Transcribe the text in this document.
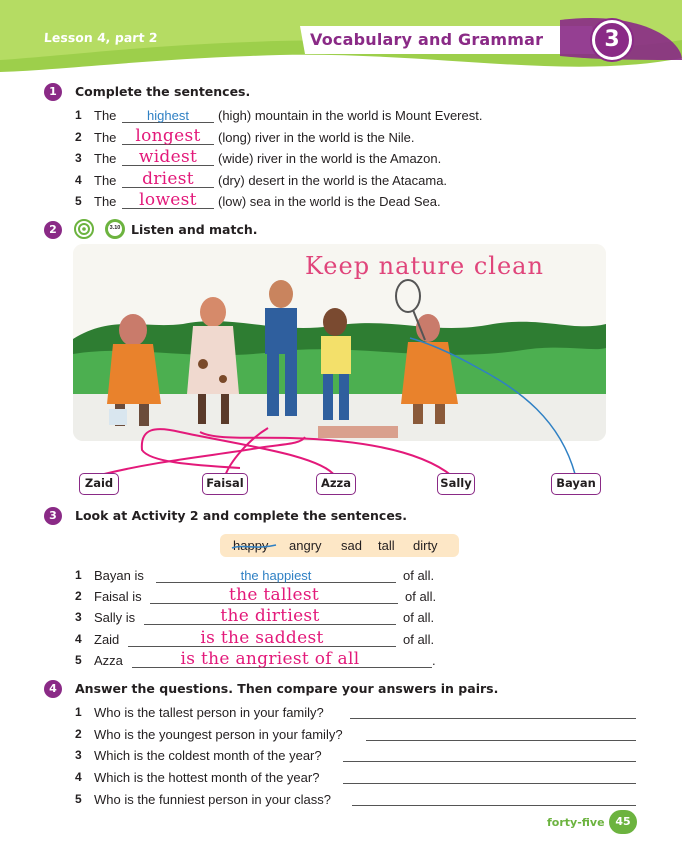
Lesson 4, part 2	Vocabulary and Grammar	3
1	Complete the sentences.
1 The	highest	(high) mountain in the world is Mount Everest.
2 The	longest	(long) river in the world is the Nile.
3 The	widest	(wide) river in the world is the Amazon.
4 The	driest	(dry) desert in the world is the Atacama.
5 The	lowest	(low) sea in the world is the Dead Sea.
2	3.10 Listen and match.
Keep nature clean
Zaid	Faisal	Azza	Sally	Bayan
3	Look at Activity 2 and complete the sentences.
happy angry sad tall dirty
1 Bayan is	the happiest	of all.
2 Faisal is	the tallest	of all.
3 Sally is	the dirtiest	of all.
4 Zaid	is the saddest	of all.
5 Azza	is the angriest of all	.
4	Answer the questions. Then compare your answers in pairs.
1 Who is the tallest person in your family?
2 Who is the youngest person in your family?
3 Which is the coldest month of the year?
4 Which is the hottest month of the year?
5 Who is the funniest person in your class?
forty-five 45
